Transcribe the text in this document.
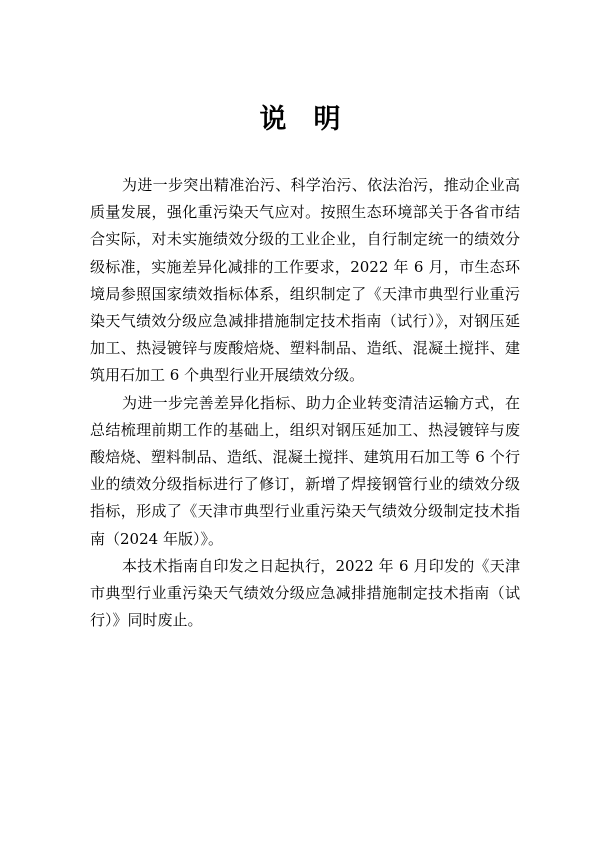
说 明

为进一步突出精准治污、科学治污、依法治污，推动企业高质量发展，强化重污染天气应对。按照生态环境部关于各省市结合实际，对未实施绩效分级的工业企业，自行制定统一的绩效分级标准，实施差异化减排的工作要求，2022 年 6 月，市生态环境局参照国家绩效指标体系，组织制定了《天津市典型行业重污染天气绩效分级应急减排措施制定技术指南（试行）》，对钢压延加工、热浸镀锌与废酸焙烧、塑料制品、造纸、混凝土搅拌、建筑用石加工 6 个典型行业开展绩效分级。

为进一步完善差异化指标、助力企业转变清洁运输方式，在总结梳理前期工作的基础上，组织对钢压延加工、热浸镀锌与废酸焙烧、塑料制品、造纸、混凝土搅拌、建筑用石加工等 6 个行业的绩效分级指标进行了修订，新增了焊接钢管行业的绩效分级指标，形成了《天津市典型行业重污染天气绩效分级制定技术指南（2024 年版）》。

本技术指南自印发之日起执行，2022 年 6 月印发的《天津市典型行业重污染天气绩效分级应急减排措施制定技术指南（试行）》同时废止。
